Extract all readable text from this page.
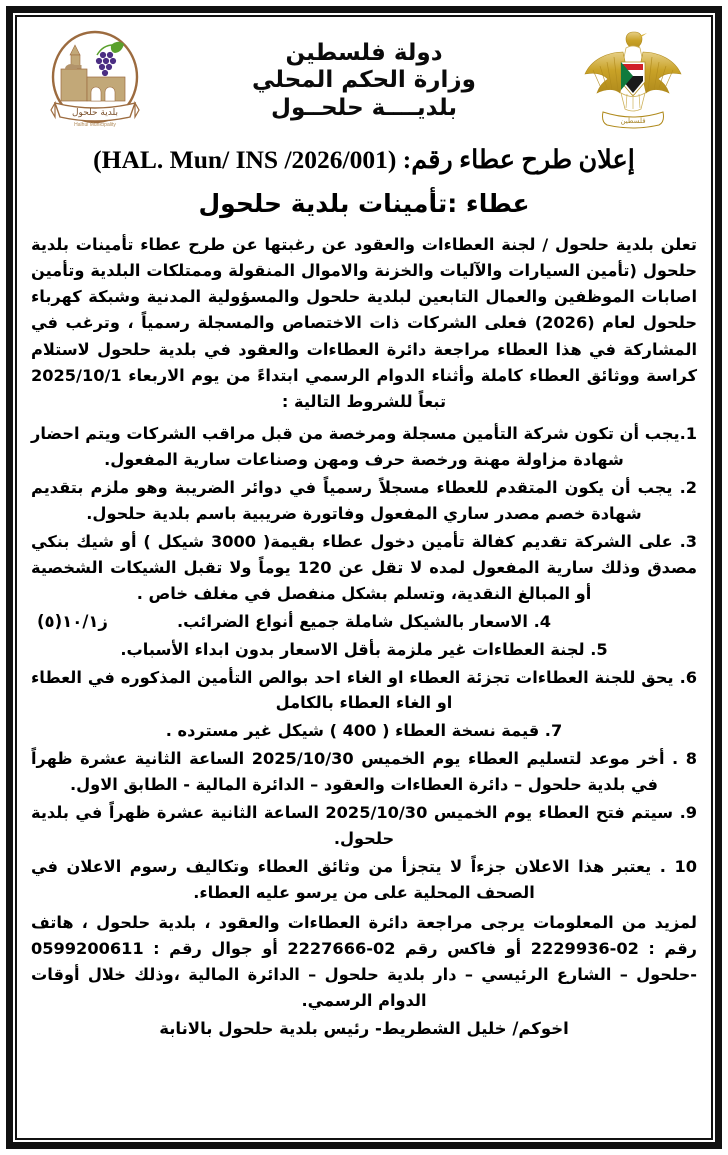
فلسطين
دولة فلسطين
وزارة الحكم المحلي
بلديــــة حلحــول
بلدية حلحول
Halhul Municipality
إعلان طرح عطاء رقم: (HAL. Mun/ INS /2026/001)
عطاء :تأمينات بلدية حلحول

تعلن بلدية حلحول / لجنة العطاءات والعقود عن رغبتها عن طرح عطاء تأمينات بلدية حلحول (تأمين السيارات والآليات والخزنة والاموال المنقولة وممتلكات البلدية وتأمين اصابات الموظفين والعمال التابعين لبلدية حلحول والمسؤولية المدنية وشبكة كهرباء حلحول لعام (2026) فعلى الشركات ذات الاختصاص والمسجلة رسمياً ، وترغب في المشاركة في هذا العطاء مراجعة دائرة العطاءات والعقود في بلدية حلحول لاستلام كراسة ووثائق العطاء كاملة وأثناء الدوام الرسمي ابتداءً من يوم الاربعاء 2025/10/1 تبعاً للشروط التالية :

1.يجب أن تكون شركة التأمين مسجلة ومرخصة من قبل مراقب الشركات ويتم احضار شهادة مزاولة مهنة ورخصة حرف ومهن وصناعات سارية المفعول.

2. يجب أن يكون المتقدم للعطاء مسجلاً رسمياً في دوائر الضريبة وهو ملزم بتقديم شهادة خصم مصدر ساري المفعول وفاتورة ضريبية باسم بلدية حلحول.

3. على الشركة تقديم كفالة تأمين دخول عطاء بقيمة( 3000 شيكل ) أو شيك بنكي مصدق وذلك سارية المفعول لمده لا تقل عن 120 يوماً ولا تقبل الشيكات الشخصية أو المبالغ النقدية، وتسلم بشكل منفصل في مغلف خاص .

ز١٠/١(٥)	4. الاسعار بالشيكل شاملة جميع أنواع الضرائب.

5. لجنة العطاءات غير ملزمة بأقل الاسعار بدون ابداء الأسباب.

6. يحق للجنة العطاءات تجزئة العطاء او الغاء احد بوالص التأمين المذكوره في العطاء او الغاء العطاء بالكامل

7. قيمة نسخة العطاء ( 400 ) شيكل غير مسترده .

8 . أخر موعد لتسليم العطاء يوم الخميس 2025/10/30 الساعة الثانية عشرة ظهراً في بلدية حلحول – دائرة العطاءات والعقود – الدائرة المالية - الطابق الاول.

9. سيتم فتح العطاء يوم الخميس 2025/10/30 الساعة الثانية عشرة ظهراً في بلدية حلحول.

10 . يعتبر هذا الاعلان جزءاً لا يتجزأ من وثائق العطاء وتكاليف رسوم الاعلان في الصحف المحلية على من يرسو عليه العطاء.

لمزيد من المعلومات يرجى مراجعة دائرة العطاءات والعقود ، بلدية حلحول ، هاتف رقم : 02-2229936 أو فاكس رقم 02-2227666 أو جوال رقم : 0599200611 -حلحول – الشارع الرئيسي – دار بلدية حلحول – الدائرة المالية ،وذلك خلال أوقات الدوام الرسمي.

اخوكم/ خليل الشطريط- رئيس بلدية حلحول بالانابة
